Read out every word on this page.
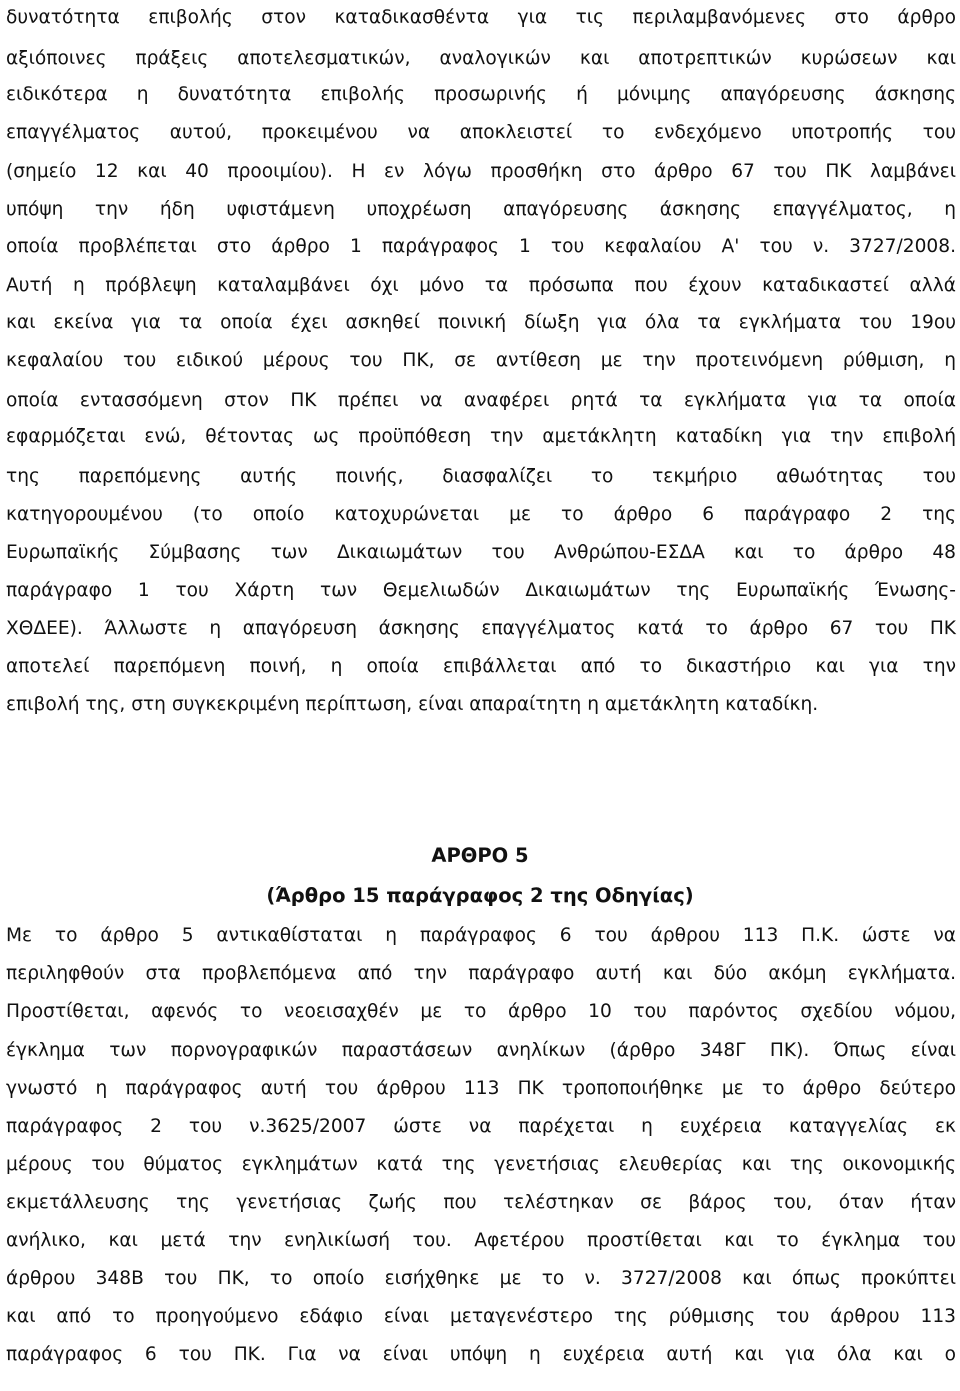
δυνατότητα επιβολής στον καταδικασθέντα για τις περιλαμβανόμενες στο άρθρο
αξιόποινες πράξεις αποτελεσματικών, αναλογικών και αποτρεπτικών κυρώσεων και
ειδικότερα η δυνατότητα επιβολής προσωρινής ή μόνιμης απαγόρευσης άσκησης
επαγγέλματος αυτού, προκειμένου να αποκλειστεί το ενδεχόμενο υποτροπής του
(σημείο 12 και 40 προοιμίου). Η εν λόγω προσθήκη στο άρθρο 67 του ΠΚ λαμβάνει
υπόψη την ήδη υφιστάμενη υποχρέωση απαγόρευσης άσκησης επαγγέλματος, η
οποία προβλέπεται στο άρθρο 1 παράγραφος 1 του κεφαλαίου Α' του ν. 3727/2008.
Αυτή η πρόβλεψη καταλαμβάνει όχι μόνο τα πρόσωπα που έχουν καταδικαστεί αλλά
και εκείνα για τα οποία έχει ασκηθεί ποινική δίωξη για όλα τα εγκλήματα του 19ου
κεφαλαίου του ειδικού μέρους του ΠΚ, σε αντίθεση με την προτεινόμενη ρύθμιση, η
οποία εντασσόμενη στον ΠΚ πρέπει να αναφέρει ρητά τα εγκλήματα για τα οποία
εφαρμόζεται ενώ, θέτοντας ως προϋπόθεση την αμετάκλητη καταδίκη για την επιβολή
της παρεπόμενης αυτής ποινής, διασφαλίζει το τεκμήριο αθωότητας του
κατηγορουμένου (το οποίο κατοχυρώνεται με το άρθρο 6 παράγραφο 2 της
Ευρωπαϊκής Σύμβασης των Δικαιωμάτων του Ανθρώπου-ΕΣΔΑ και το άρθρο 48
παράγραφο 1 του Χάρτη των Θεμελιωδών Δικαιωμάτων της Ευρωπαϊκής Ένωσης-
ΧΘΔΕΕ). Άλλωστε η απαγόρευση άσκησης επαγγέλματος κατά το άρθρο 67 του ΠΚ
αποτελεί παρεπόμενη ποινή, η οποία επιβάλλεται από το δικαστήριο και για την
επιβολή της, στη συγκεκριμένη περίπτωση, είναι απαραίτητη η αμετάκλητη καταδίκη.
ΑΡΘΡΟ 5
(Άρθρο 15 παράγραφος 2 της Οδηγίας)
Με το άρθρο 5 αντικαθίσταται η παράγραφος 6 του άρθρου 113 Π.Κ. ώστε να
περιληφθούν στα προβλεπόμενα από την παράγραφο αυτή και δύο ακόμη εγκλήματα.
Προστίθεται, αφενός το νεοεισαχθέν με το άρθρο 10 του παρόντος σχεδίου νόμου,
έγκλημα των πορνογραφικών παραστάσεων ανηλίκων (άρθρο 348Γ ΠΚ). Όπως είναι
γνωστό η παράγραφος αυτή του άρθρου 113 ΠΚ τροποποιήθηκε με το άρθρο δεύτερο
παράγραφος 2 του ν.3625/2007 ώστε να παρέχεται η ευχέρεια καταγγελίας εκ
μέρους του θύματος εγκλημάτων κατά της γενετήσιας ελευθερίας και της οικονομικής
εκμετάλλευσης της γενετήσιας ζωής που τελέστηκαν σε βάρος του, όταν ήταν
ανήλικο, και μετά την ενηλικίωσή του. Αφετέρου προστίθεται και το έγκλημα του
άρθρου 348Β του ΠΚ, το οποίο εισήχθηκε με το ν. 3727/2008 και όπως προκύπτει
και από το προηγούμενο εδάφιο είναι μεταγενέστερο της ρύθμισης του άρθρου 113
παράγραφος 6 του ΠΚ. Για να είναι υπόψη η ευχέρεια αυτή και για όλα και ο
